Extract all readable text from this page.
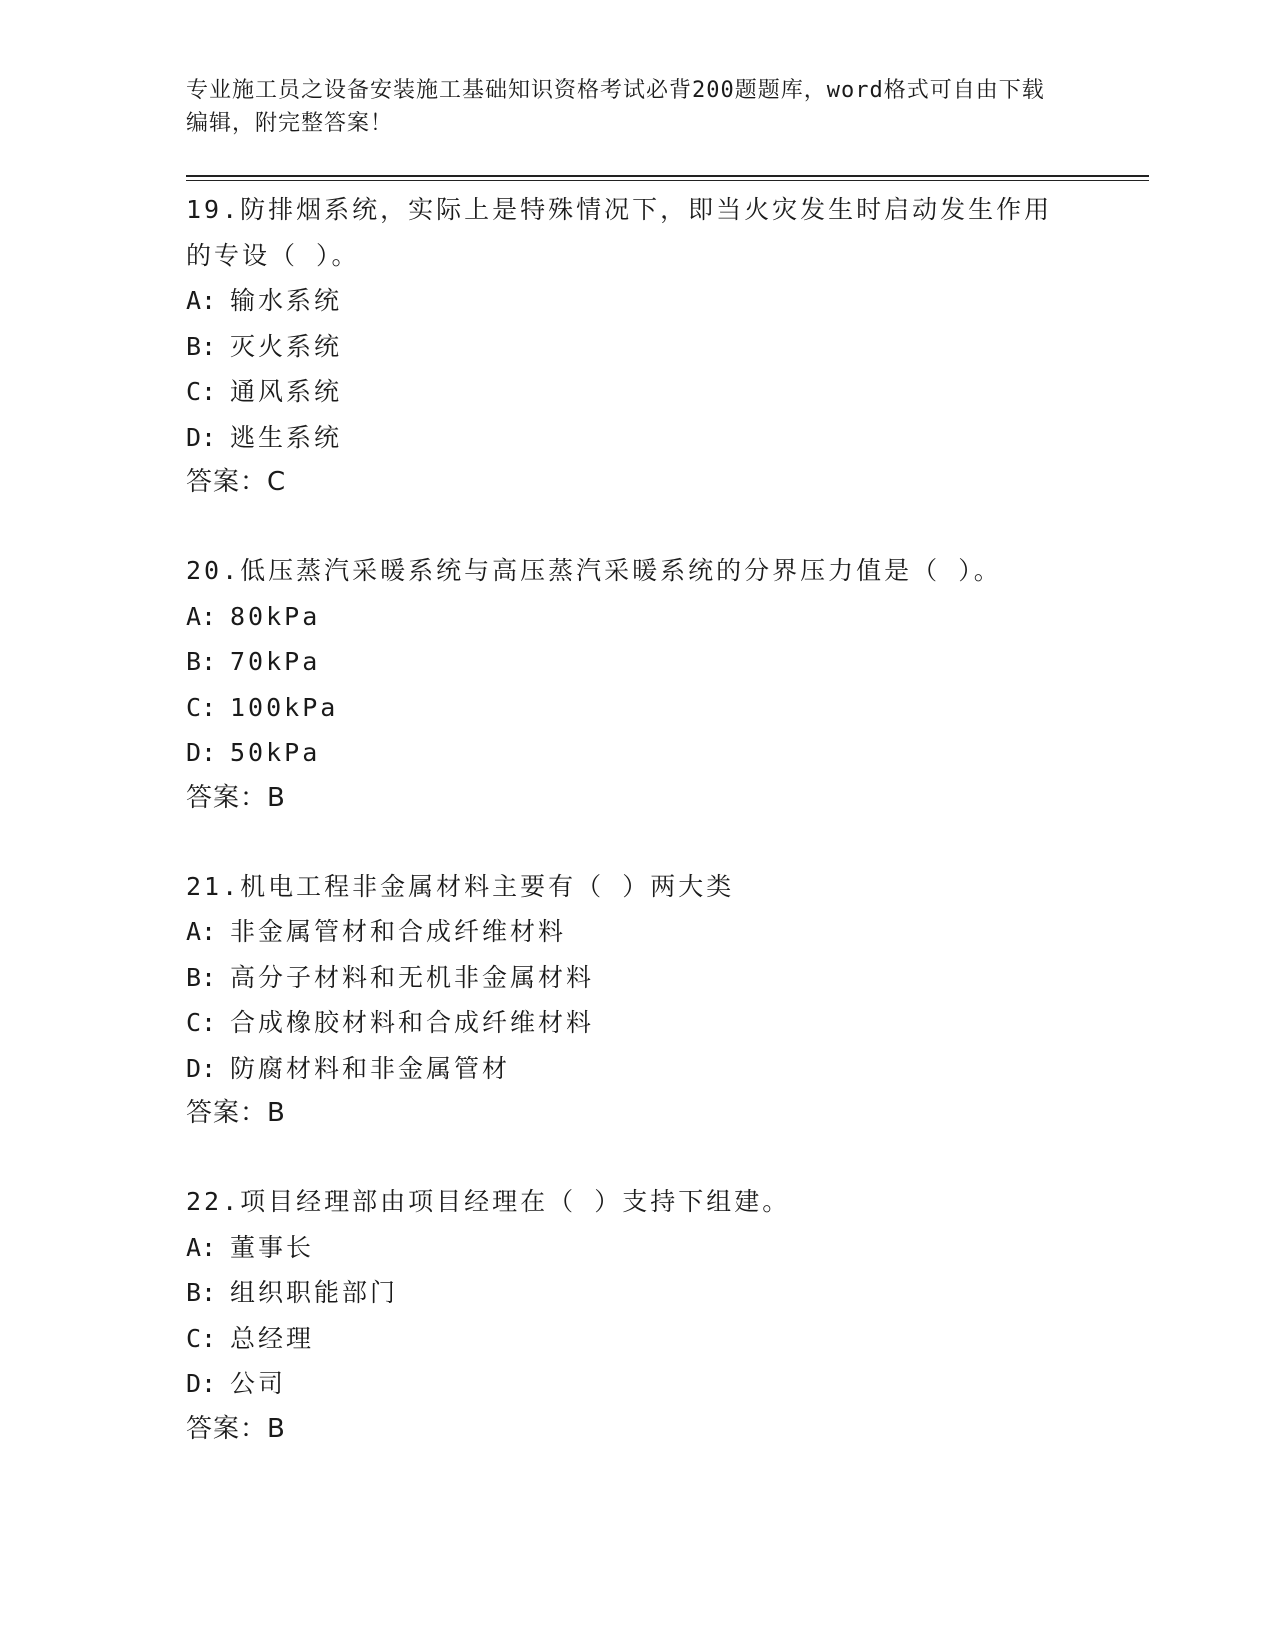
专业施工员之设备安装施工基础知识资格考试必背200题题库，word格式可自由下载编辑，附完整答案！
19.防排烟系统，实际上是特殊情况下，即当火灾发生时启动发生作用的专设（ ）。
A: 输水系统
B: 灭火系统
C: 通风系统
D: 逃生系统
答案：C
20.低压蒸汽采暖系统与高压蒸汽采暖系统的分界压力值是（ ）。
A: 80kPa
B: 70kPa
C: 100kPa
D: 50kPa
答案：B
21.机电工程非金属材料主要有（ ）两大类
A: 非金属管材和合成纤维材料
B: 高分子材料和无机非金属材料
C: 合成橡胶材料和合成纤维材料
D: 防腐材料和非金属管材
答案：B
22.项目经理部由项目经理在（ ）支持下组建。
A: 董事长
B: 组织职能部门
C: 总经理
D: 公司
答案：B
